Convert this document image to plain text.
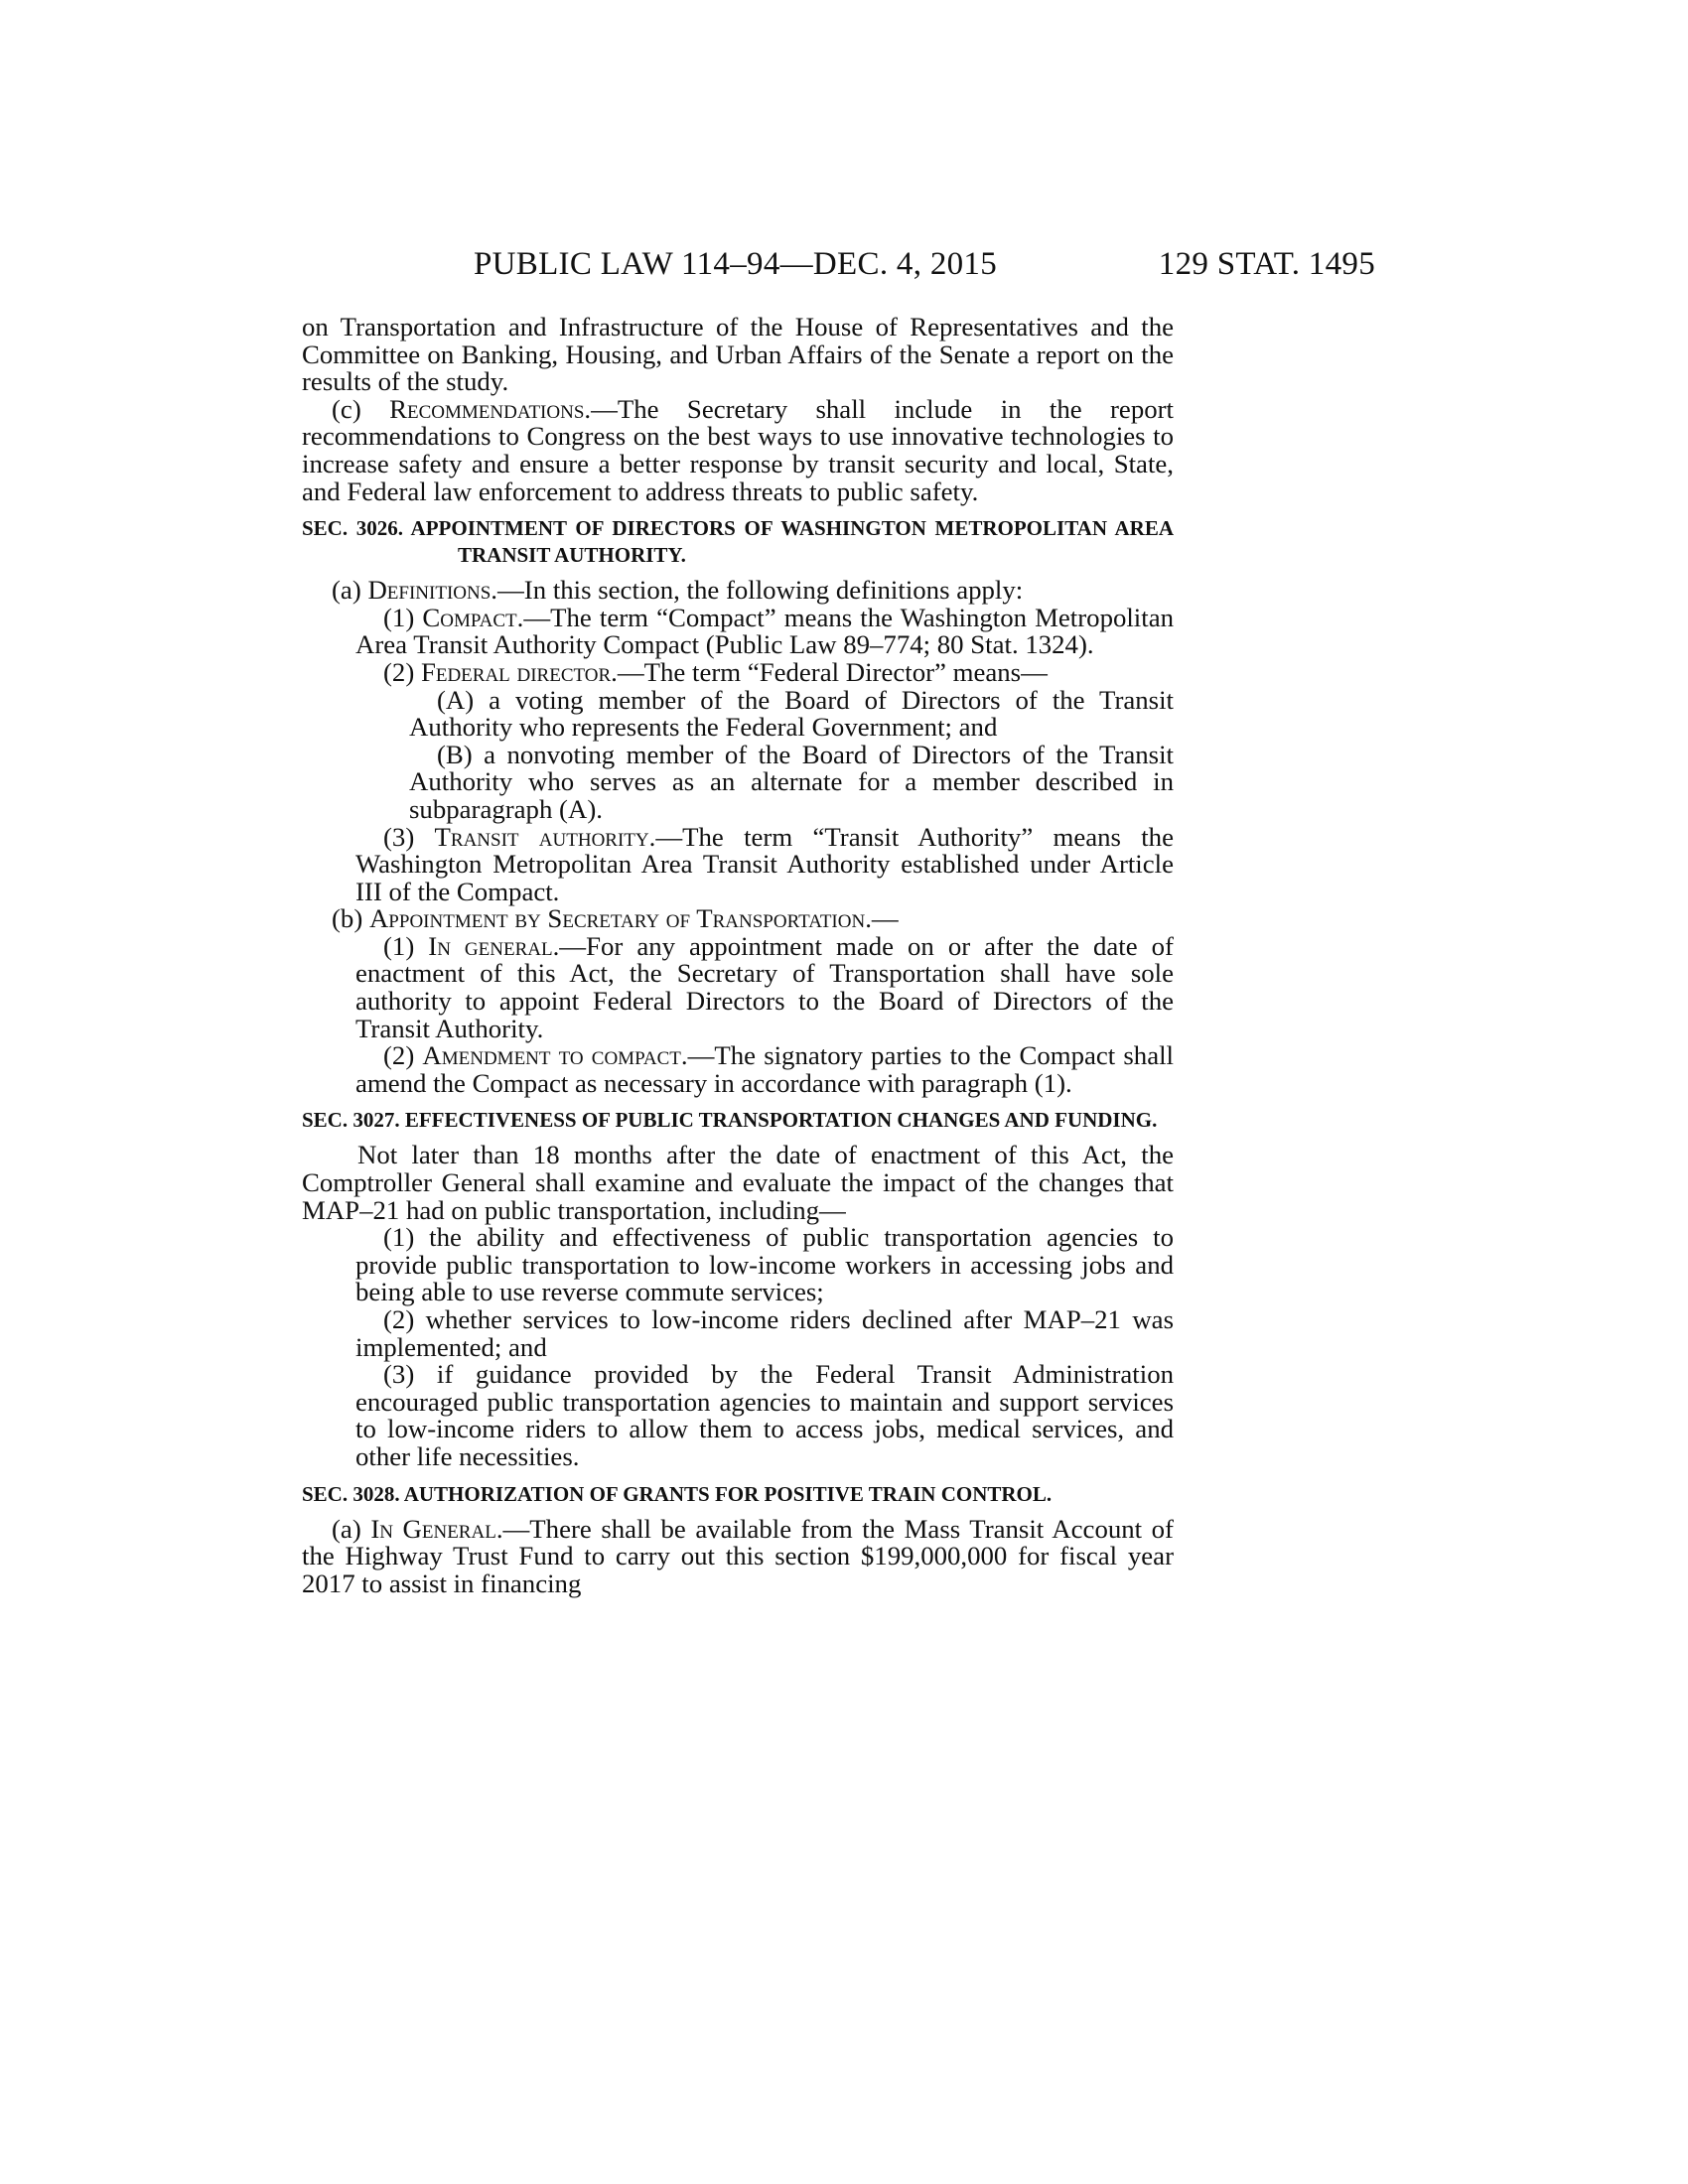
PUBLIC LAW 114–94—DEC. 4, 2015	129 STAT. 1495

on Transportation and Infrastructure of the House of Representatives and the Committee on Banking, Housing, and Urban Affairs of the Senate a report on the results of the study.

(c) Recommendations.—The Secretary shall include in the report recommendations to Congress on the best ways to use innovative technologies to increase safety and ensure a better response by transit security and local, State, and Federal law enforcement to address threats to public safety.

SEC. 3026. APPOINTMENT OF DIRECTORS OF WASHINGTON METROPOLITAN AREA TRANSIT AUTHORITY.

(a) Definitions.—In this section, the following definitions apply:

(1) Compact.—The term “Compact” means the Washington Metropolitan Area Transit Authority Compact (Public Law 89–774; 80 Stat. 1324).

(2) Federal director.—The term “Federal Director” means—

(A) a voting member of the Board of Directors of the Transit Authority who represents the Federal Government; and

(B) a nonvoting member of the Board of Directors of the Transit Authority who serves as an alternate for a member described in subparagraph (A).

(3) Transit authority.—The term “Transit Authority” means the Washington Metropolitan Area Transit Authority established under Article III of the Compact.

(b) Appointment by Secretary of Transportation.—

(1) In general.—For any appointment made on or after the date of enactment of this Act, the Secretary of Transportation shall have sole authority to appoint Federal Directors to the Board of Directors of the Transit Authority.

(2) Amendment to compact.—The signatory parties to the Compact shall amend the Compact as necessary in accordance with paragraph (1).

SEC. 3027. EFFECTIVENESS OF PUBLIC TRANSPORTATION CHANGES AND FUNDING.

Not later than 18 months after the date of enactment of this Act, the Comptroller General shall examine and evaluate the impact of the changes that MAP–21 had on public transportation, including—

(1) the ability and effectiveness of public transportation agencies to provide public transportation to low-income workers in accessing jobs and being able to use reverse commute services;

(2) whether services to low-income riders declined after MAP–21 was implemented; and

(3) if guidance provided by the Federal Transit Administration encouraged public transportation agencies to maintain and support services to low-income riders to allow them to access jobs, medical services, and other life necessities.

SEC. 3028. AUTHORIZATION OF GRANTS FOR POSITIVE TRAIN CONTROL.

(a) In General.—There shall be available from the Mass Transit Account of the Highway Trust Fund to carry out this section $199,000,000 for fiscal year 2017 to assist in financing
